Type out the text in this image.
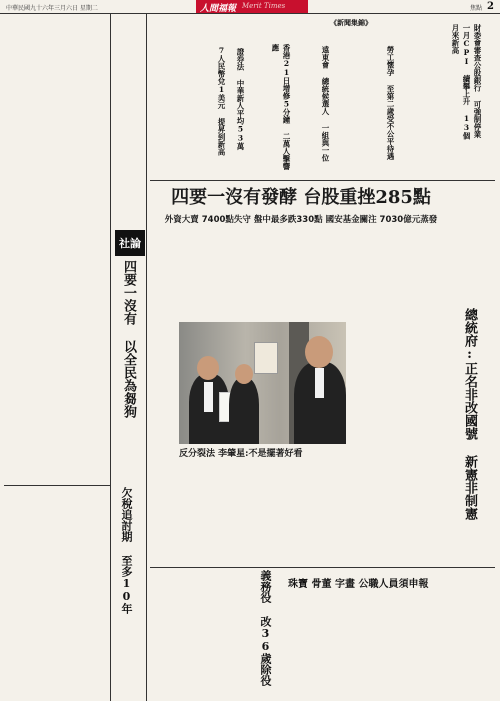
中華民國九十六年三月六日 星期二	人間福報 Merit Times	焦點 2
《新聞集錦》
財委會審查公股銀行 可強制停業
一月CPI 續攀上升 13個月來新高
勞工懷孕 至第二歲受不公平待遇
遠東會 總統候選人 一組與一位
香港21日增修5分鐘 二萬人擊響應
證券法 中華新人平均53萬
7人民幣兌1美元 提昇到新高
社論
四要一沒有 以全民為芻狗
欠稅追討期 至多10年
四要一沒有發酵 台股重挫285點
外資大賣 7400點失守 盤中最多跌330點 國安基金關注 7030億元蒸發
總統府:正名非改國號 新憲非制憲
反分裂法 李肇星:不是擺著好看
義務役 改36歲除役 珠寶 骨董 字畫 公職人員須申報
